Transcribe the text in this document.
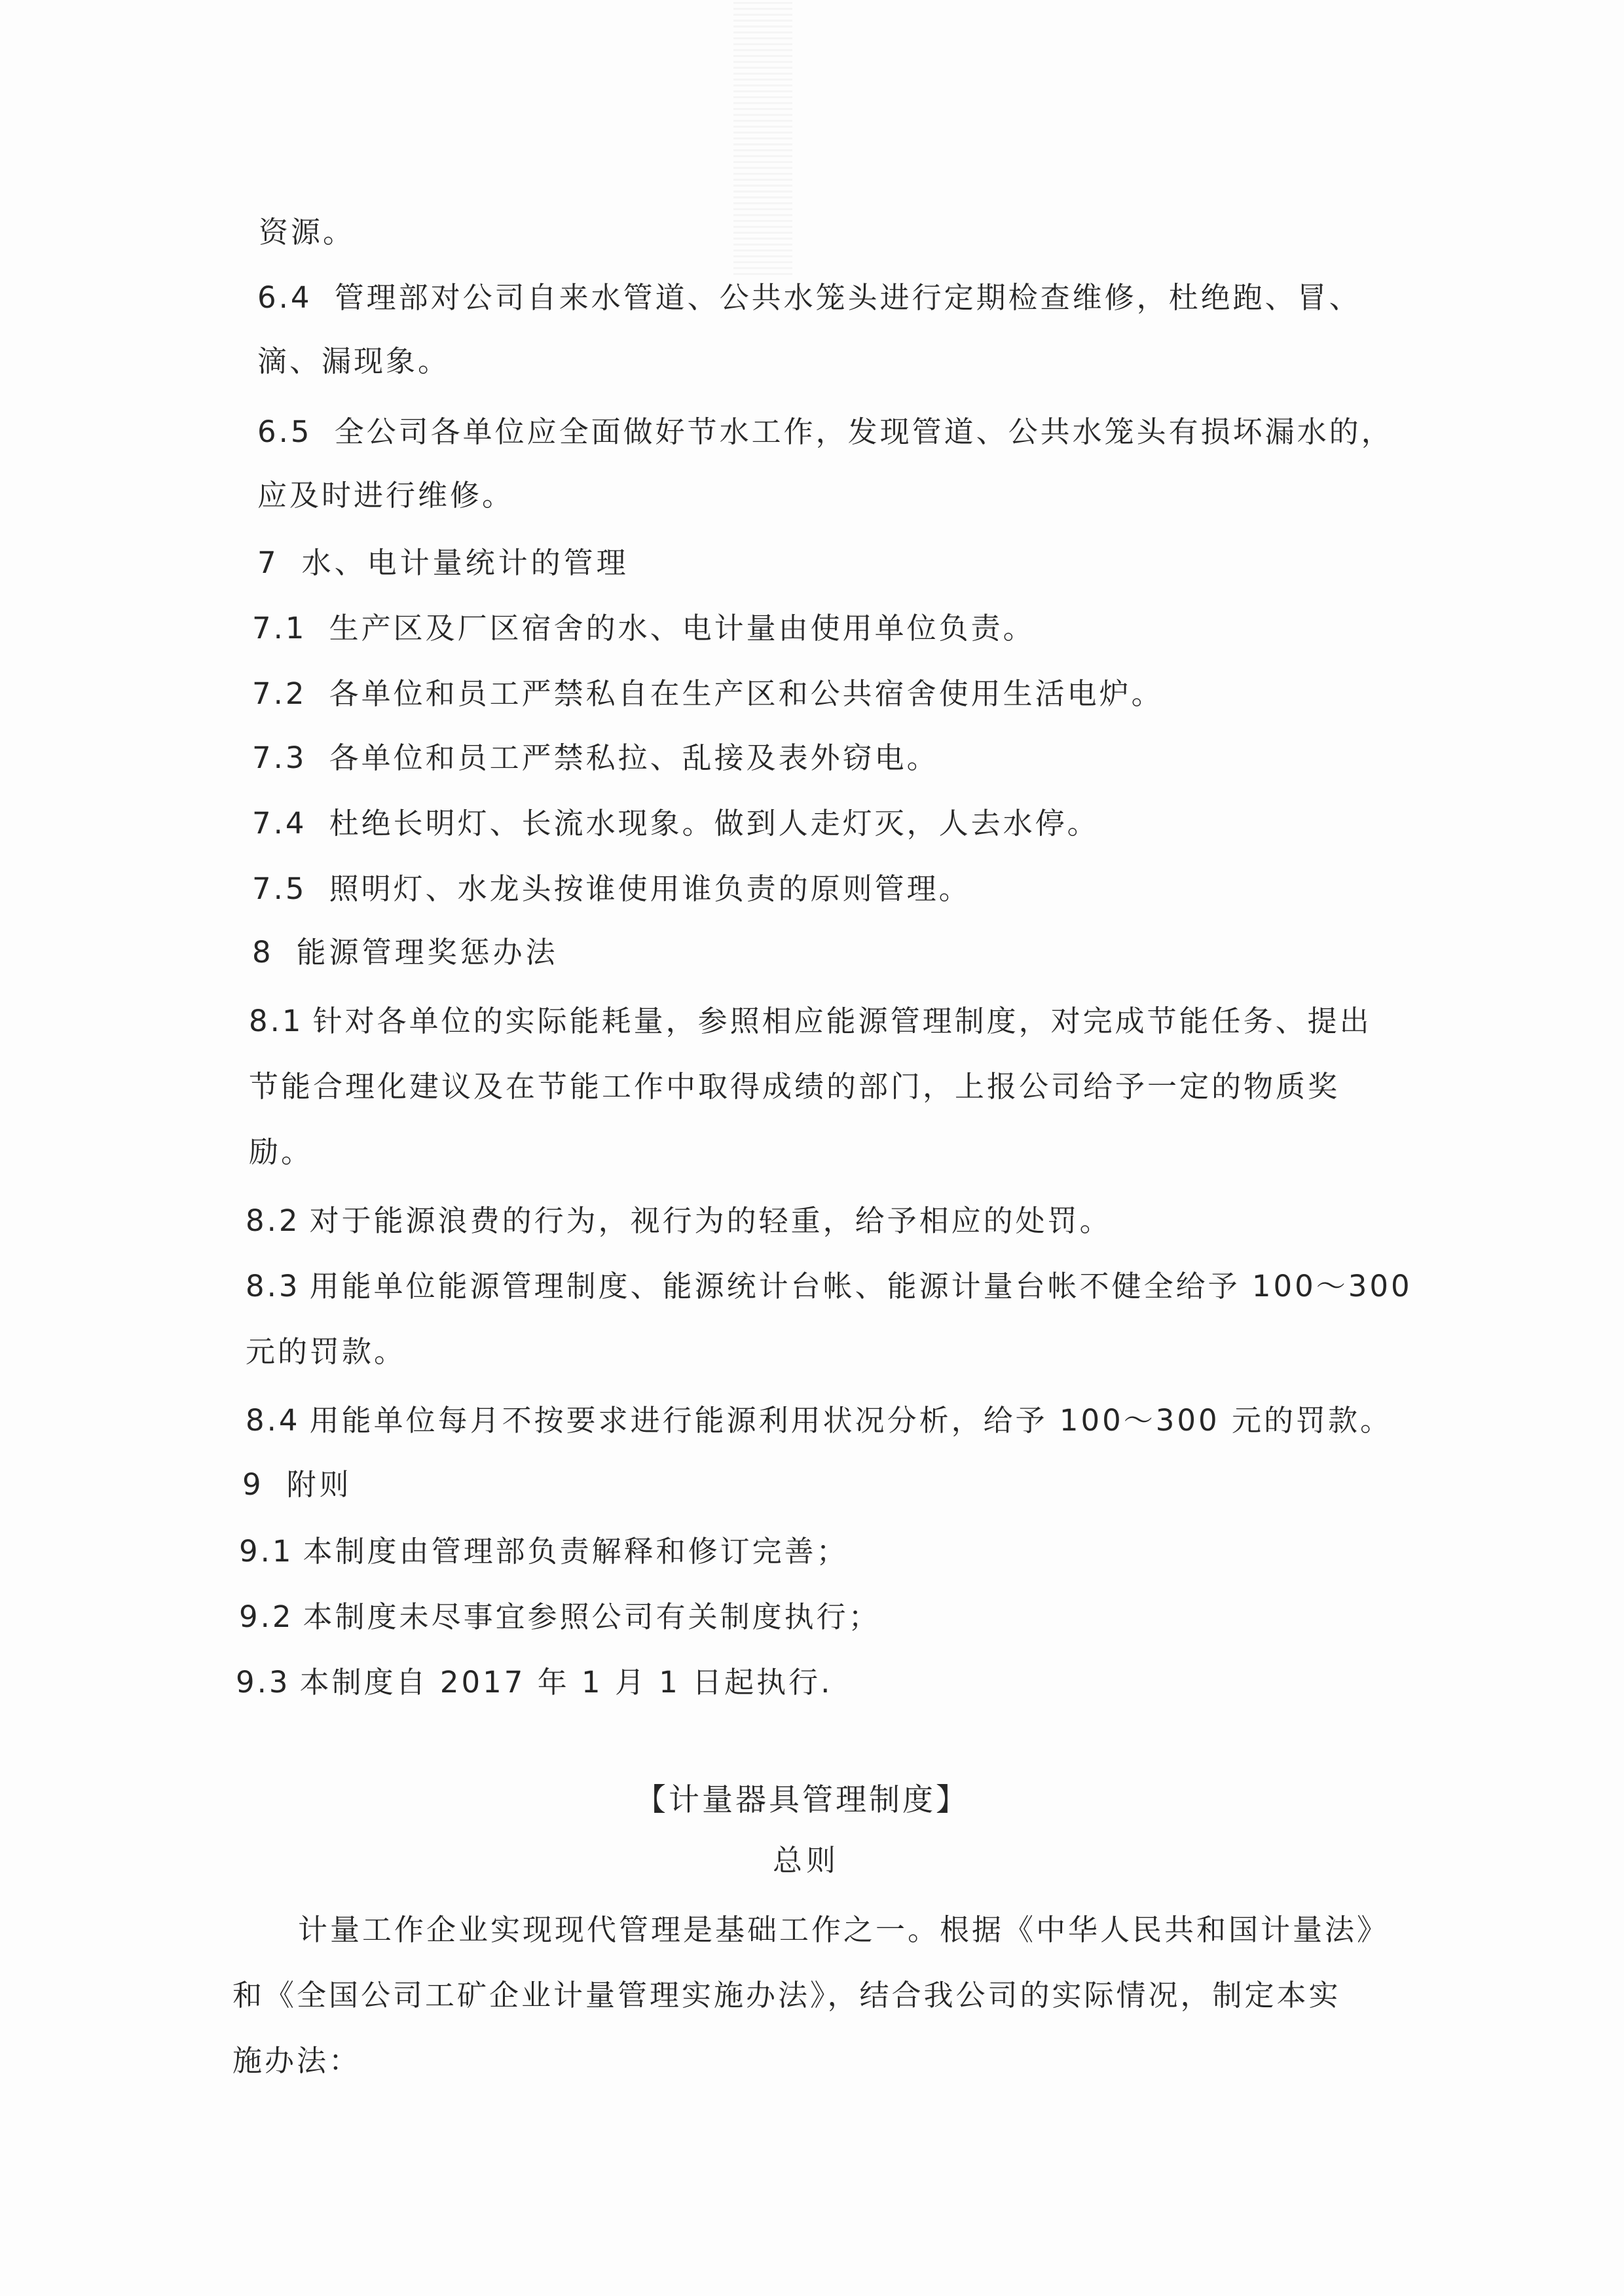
资源。
6.4 管理部对公司自来水管道、公共水笼头进行定期检查维修，杜绝跑、冒、
滴、漏现象。
6.5 全公司各单位应全面做好节水工作，发现管道、公共水笼头有损坏漏水的，
应及时进行维修。
7 水、电计量统计的管理
7.1 生产区及厂区宿舍的水、电计量由使用单位负责。
7.2 各单位和员工严禁私自在生产区和公共宿舍使用生活电炉。
7.3 各单位和员工严禁私拉、乱接及表外窃电。
7.4 杜绝长明灯、长流水现象。做到人走灯灭，人去水停。
7.5 照明灯、水龙头按谁使用谁负责的原则管理。
8 能源管理奖惩办法
8.1 针对各单位的实际能耗量，参照相应能源管理制度，对完成节能任务、提出
节能合理化建议及在节能工作中取得成绩的部门，上报公司给予一定的物质奖
励。
8.2 对于能源浪费的行为，视行为的轻重，给予相应的处罚。
8.3 用能单位能源管理制度、能源统计台帐、能源计量台帐不健全给予 100～300
元的罚款。
8.4 用能单位每月不按要求进行能源利用状况分析，给予 100～300 元的罚款。
9 附则
9.1 本制度由管理部负责解释和修订完善；
9.2 本制度未尽事宜参照公司有关制度执行；
9.3 本制度自 2017 年 1 月 1 日起执行.
【计量器具管理制度】
总则
计量工作企业实现现代管理是基础工作之一。根据《中华人民共和国计量法》
和《全国公司工矿企业计量管理实施办法》，结合我公司的实际情况，制定本实
施办法：
